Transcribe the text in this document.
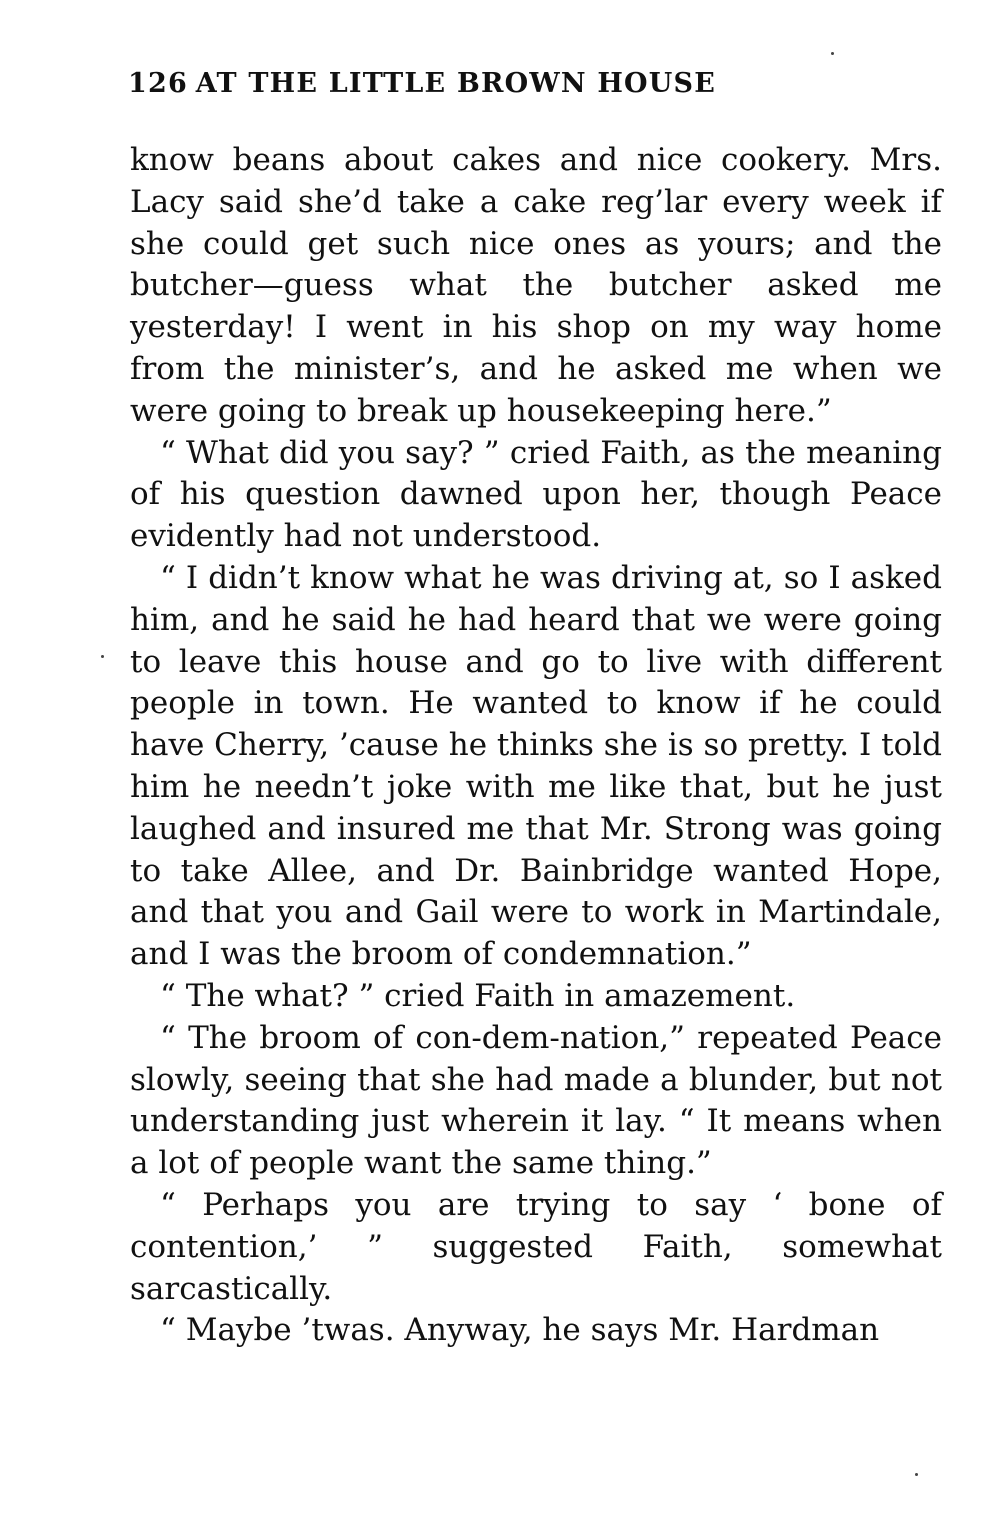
126 AT THE LITTLE BROWN HOUSE

know beans about cakes and nice cookery. Mrs. Lacy said she’d take a cake reg’lar every week if she could get such nice ones as yours; and the butcher—guess what the butcher asked me yesterday! I went in his shop on my way home from the minister’s, and he asked me when we were going to break up housekeeping here.”

“ What did you say? ” cried Faith, as the meaning of his question dawned upon her, though Peace evidently had not understood.

“ I didn’t know what he was driving at, so I asked him, and he said he had heard that we were going to leave this house and go to live with different people in town. He wanted to know if he could have Cherry, ’cause he thinks she is so pretty. I told him he needn’t joke with me like that, but he just laughed and insured me that Mr. Strong was going to take Allee, and Dr. Bainbridge wanted Hope, and that you and Gail were to work in Martindale, and I was the broom of condemnation.”

“ The what? ” cried Faith in amazement.

“ The broom of con-dem-nation,” repeated Peace slowly, seeing that she had made a blunder, but not understanding just wherein it lay. “ It means when a lot of people want the same thing.”

“ Perhaps you are trying to say ‘ bone of contention,’ ” suggested Faith, somewhat sarcastically.

“ Maybe ’twas. Anyway, he says Mr. Hardman
